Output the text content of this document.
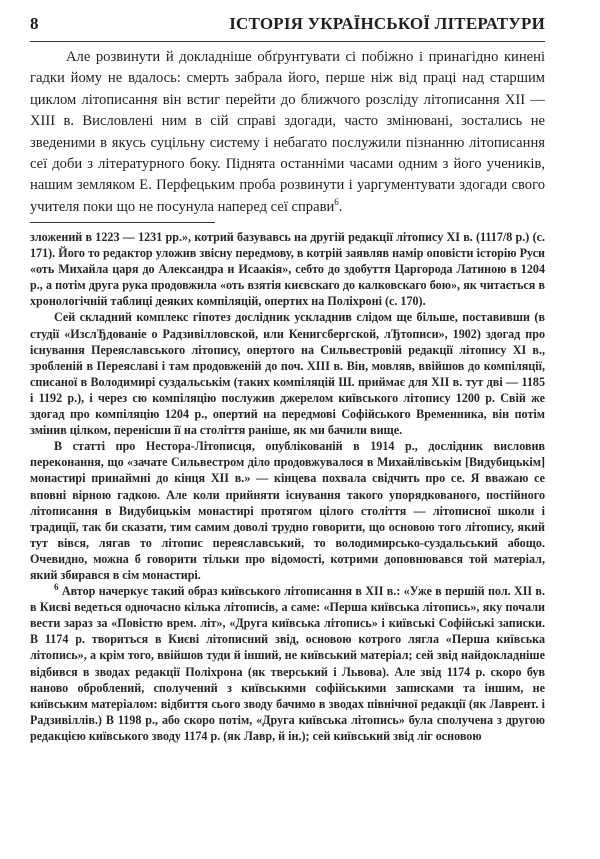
8	ІСТОРІЯ УКРАЇНСЬКОЇ ЛІТЕРАТУРИ

Але розвинути й докладніше обґрунтувати сі побіжно і принагідно кинені гадки йому не вдалось: смерть забрала його, перше ніж від праці над старшим циклом літописання він встиг перейти до ближчого розсліду літописання XII — XIII в. Висловлені ним в сій справі здогади, часто змінювані, зостались не зведеними в якусь суцільну систему і небагато послужили пізнанню літописання сеї доби з літературного боку. Піднята останніми часами одним з його учеників, нашим земляком Е. Перфецьким проба розвинути і уаргументувати здогади свого учителя поки що не посунула наперед сеї справи$^6$.

зложений в 1223 — 1231 рр.», котрий базувавсь на другій редакції літопису XI в. (1117/8 р.) (с. 171). Його то редактор уложив звісну передмову, в котрій заявляв намір оповісти історію Руси «оть Михайла царя до Александра и Исаакія», себто до здобуття Царгорода Латиною в 1204 р., а потім друга рука продовжила «оть взятія києвскаго до калковскаго бою», як читається в хронологічній таблиці деяких компіляцій, опертих на Поліхроні (с. 170).

Сей складний комплекс гіпотез дослідник ускладнив слідом ще більше, поставивши (в студії «ИзслЂдованіе о Радзивілловской, или Кенигсбергской, лЂтописи», 1902) здогад про існування Переяславського літопису, опертого на Сильвестровій редакції літопису XI в., зробленій в Переяславі і там продовженій до поч. XIII в. Він, мовляв, ввійшов до компіляції, списаної в Володимирі суздальськім (таких компіляцій Ш. приймає для XII в. тут дві — 1185 і 1192 р.), і через сю компіляцію послужив джерелом київського літопису 1200 р. Свій же здогад про компіляцію 1204 р., опертий на передмові Софійського Временника, він потім змінив цілком, перенісши її на століття раніше, як ми бачили вище.

В статті про Нестора-Літописця, опублікованій в 1914 р., дослідник висловив переконання, що «зачате Сильвестром діло продовжувалося в Михайлівськім [Видубицькім] монастирі принаймні до кінця XII в.» — кінцева похвала свідчить про се. Я вважаю се вповні вірною гадкою. Але коли прийняти існування такого упорядкованого, постійного літописання в Видубицькім монастирі протягом цілого століття — літописної школи і традиції, так би сказати, тим самим доволі трудно говорити, що основою того літопису, який тут вівся, лягав то літопис переяславський, то володимирсько-суздальський абощо. Очевидно, можна б говорити тільки про відомості, котрими доповнювався той матеріал, який збирався в сім монастирі.

$^6$ Автор начеркує такий образ київського літописання в XII в.: «Уже в першій пол. XII в. в Києві ведеться одночасно кілька літописів, а саме: «Перша київська літопись», яку почали вести зараз за «Повістю врем. літ», «Друга київська літопись» і київські Софійські записки. В 1174 р. твориться в Києві літописний звід, основою котрого лягла «Перша київська літопись», а крім того, ввійшов туди й інший, не київський матеріал; сей звід найдокладніше відбився в зводах редакції Поліхрона (як тверський і Львова). Але звід 1174 р. скоро був наново оброблений, сполучений з київськими софійськими записками та іншим, не київським матеріалом: відбиття сього зводу бачимо в зводах північної редакції (як Лаврент. і Радзивіллів.) В 1198 р., або скоро потім, «Друга київська літопись» була сполучена з другою редакцією київського зводу 1174 р. (як Лавр, й ін.); сей київський звід ліг основою
